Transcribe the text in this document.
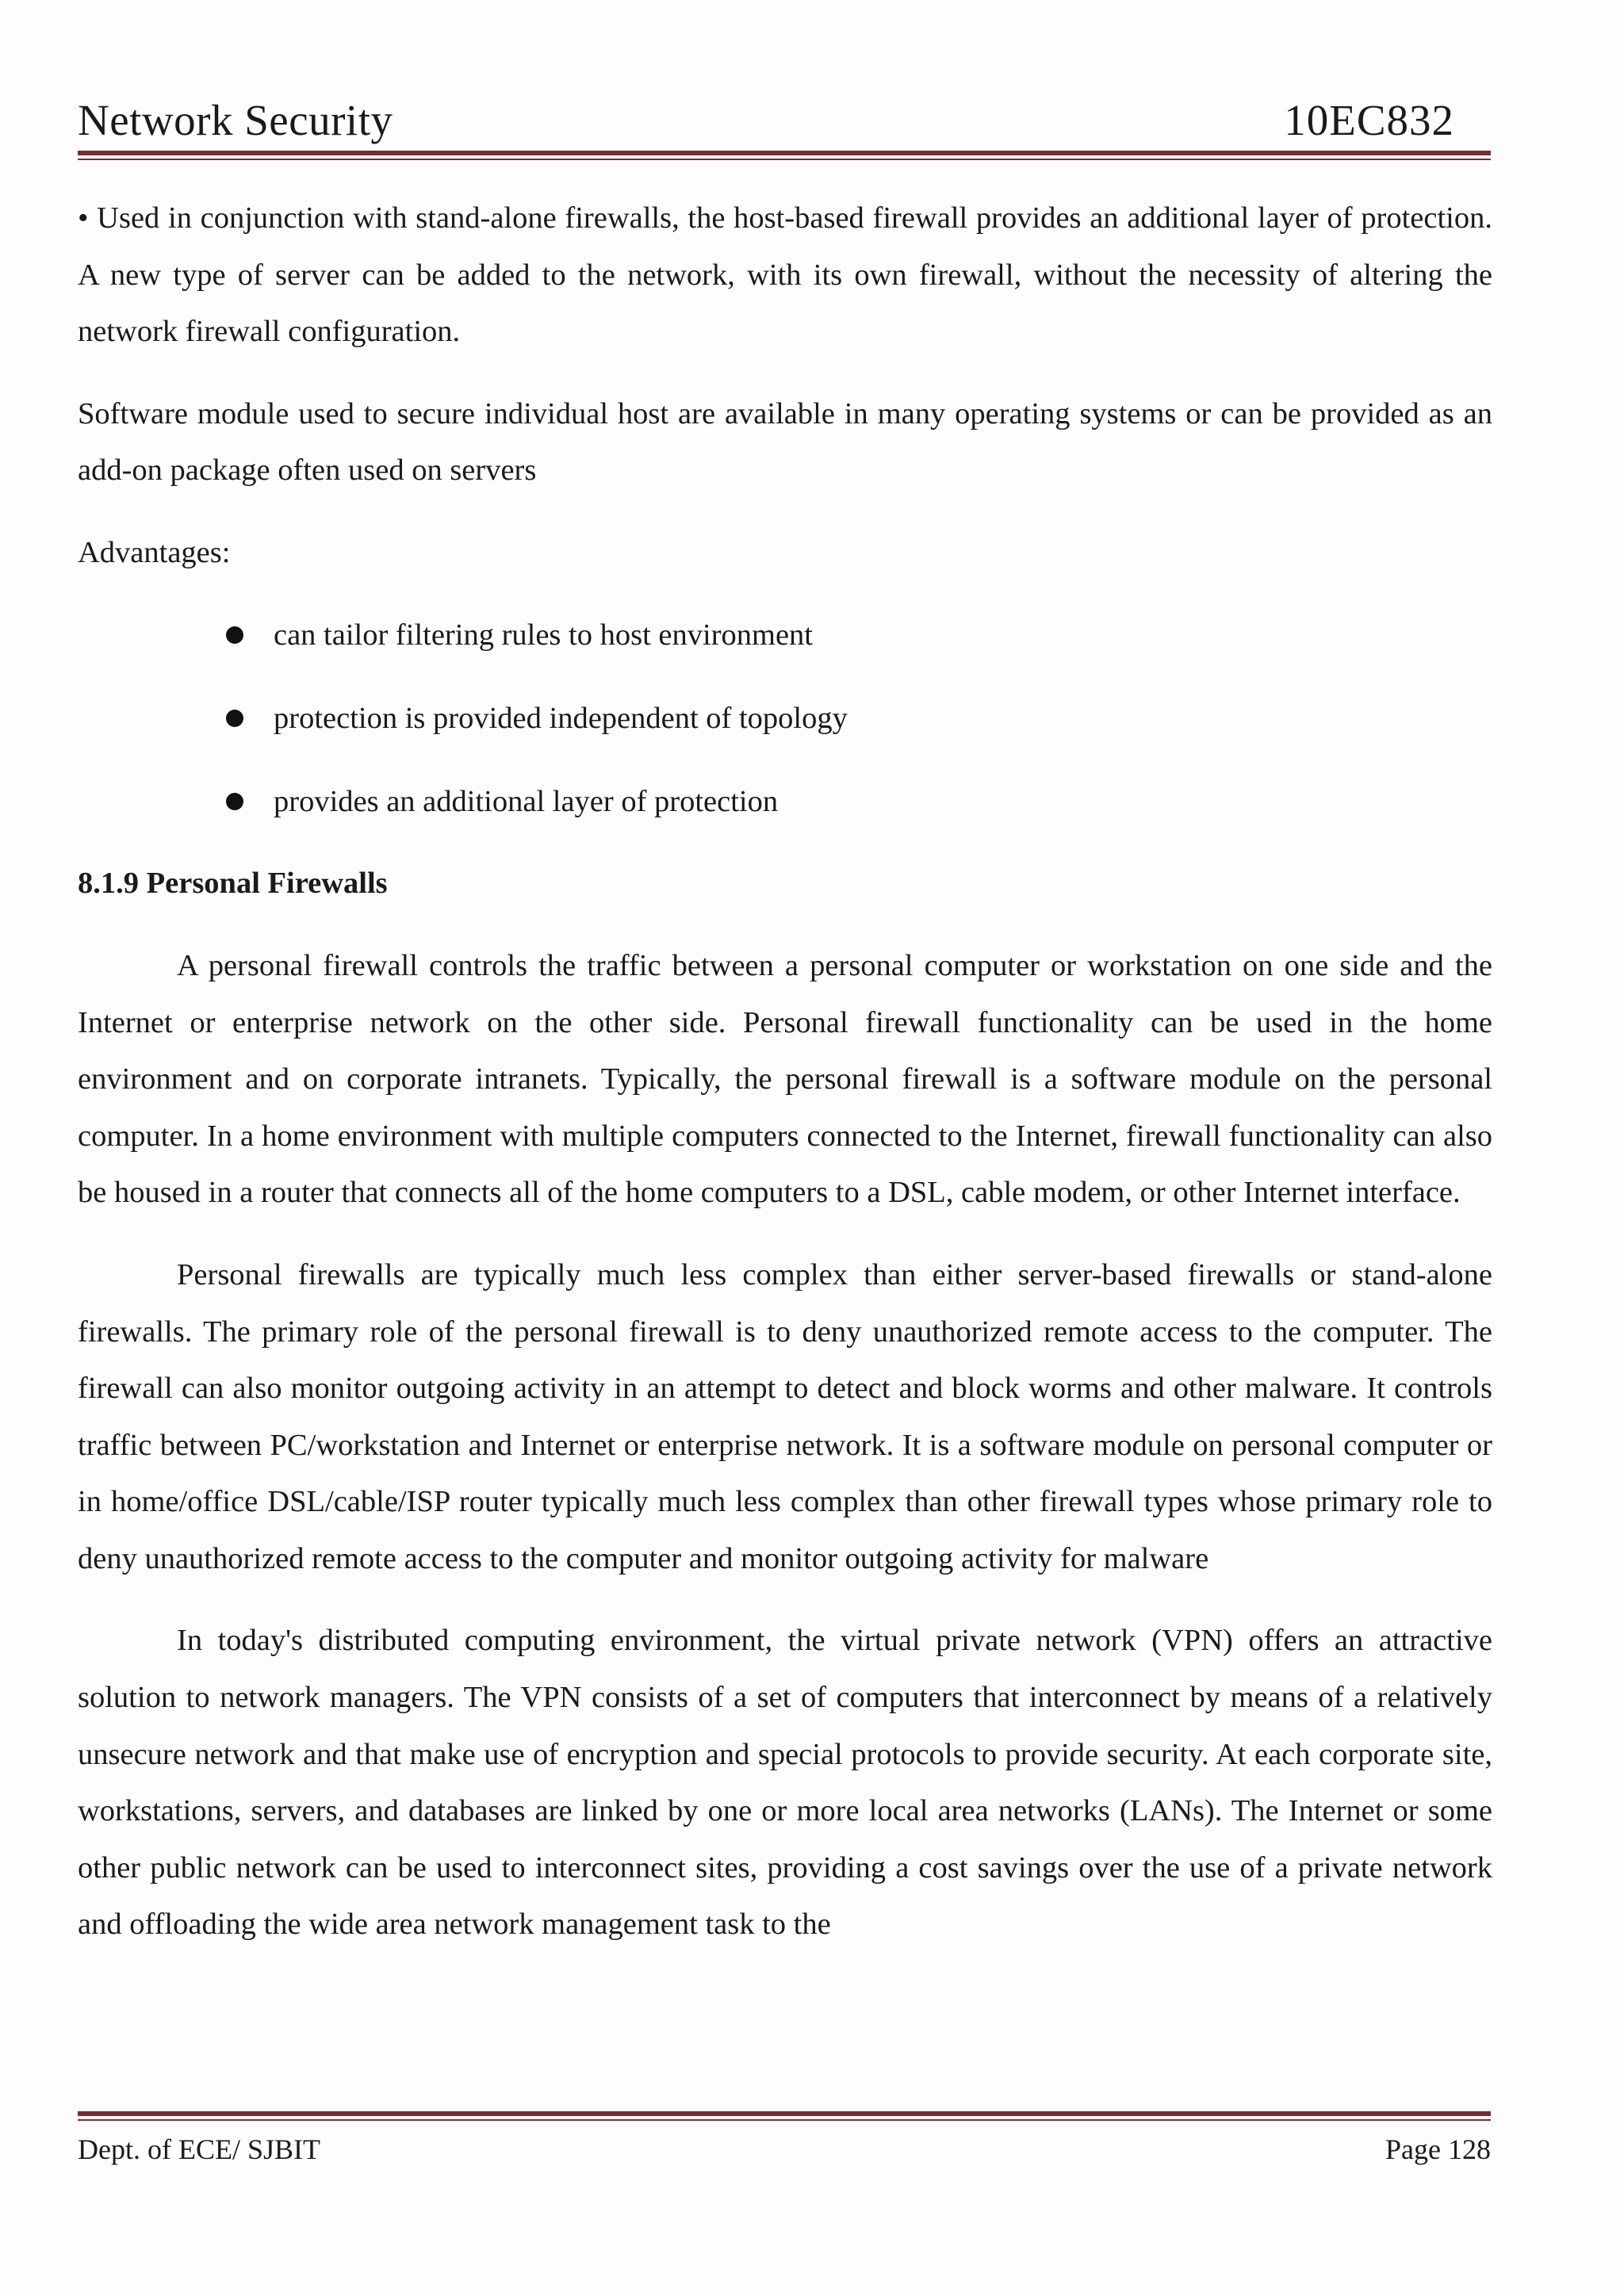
Network Security	10EC832

• Used in conjunction with stand-alone firewalls, the host-based firewall provides an additional layer of protection. A new type of server can be added to the network, with its own firewall, without the necessity of altering the network firewall configuration.

Software module used to secure individual host are available in many operating systems or can be provided as an add-on package often used on servers

Advantages:

can tailor filtering rules to host environment
protection is provided independent of topology
provides an additional layer of protection

8.1.9 Personal Firewalls

A personal firewall controls the traffic between a personal computer or workstation on one side and the Internet or enterprise network on the other side. Personal firewall functionality can be used in the home environment and on corporate intranets. Typically, the personal firewall is a software module on the personal computer. In a home environment with multiple computers connected to the Internet, firewall functionality can also be housed in a router that connects all of the home computers to a DSL, cable modem, or other Internet interface.

Personal firewalls are typically much less complex than either server-based firewalls or stand-alone firewalls. The primary role of the personal firewall is to deny unauthorized remote access to the computer. The firewall can also monitor outgoing activity in an attempt to detect and block worms and other malware. It controls traffic between PC/workstation and Internet or enterprise network. It is a software module on personal computer or in home/office DSL/cable/ISP router typically much less complex than other firewall types whose primary role to deny unauthorized remote access to the computer and monitor outgoing activity for malware

In today's distributed computing environment, the virtual private network (VPN) offers an attractive solution to network managers. The VPN consists of a set of computers that interconnect by means of a relatively unsecure network and that make use of encryption and special protocols to provide security. At each corporate site, workstations, servers, and databases are linked by one or more local area networks (LANs). The Internet or some other public network can be used to interconnect sites, providing a cost savings over the use of a private network and offloading the wide area network management task to the

Dept. of ECE/ SJBIT	Page 128
